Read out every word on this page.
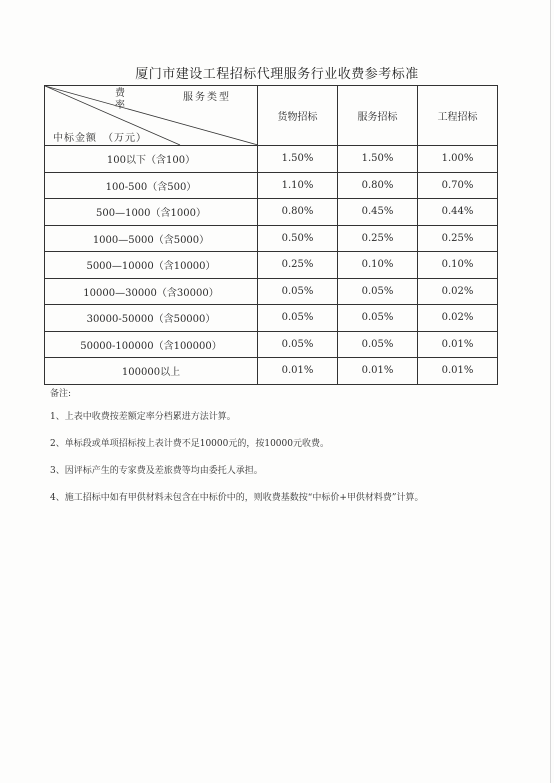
厦门市建设工程招标代理服务行业收费参考标准
费率
服务类型
中标金额　（万元）	货物招标	服务招标	工程招标
100以下（含100）	1.50%	1.50%	1.00%
100-500（含500）	1.10%	0.80%	0.70%
500—1000（含1000）	0.80%	0.45%	0.44%
1000—5000（含5000）	0.50%	0.25%	0.25%
5000—10000（含10000）	0.25%	0.10%	0.10%
10000—30000（含30000）	0.05%	0.05%	0.02%
30000-50000（含50000）	0.05%	0.05%	0.02%
50000-100000（含100000）	0.05%	0.05%	0.01%
100000以上	0.01%	0.01%	0.01%
备注:
1、上表中收费按差额定率分档累进方法计算。
2、单标段或单项招标按上表计费不足10000元的，按10000元收费。
3、因评标产生的专家费及差旅费等均由委托人承担。
4、施工招标中如有甲供材料未包含在中标价中的，则收费基数按“中标价+甲供材料费”计算。
